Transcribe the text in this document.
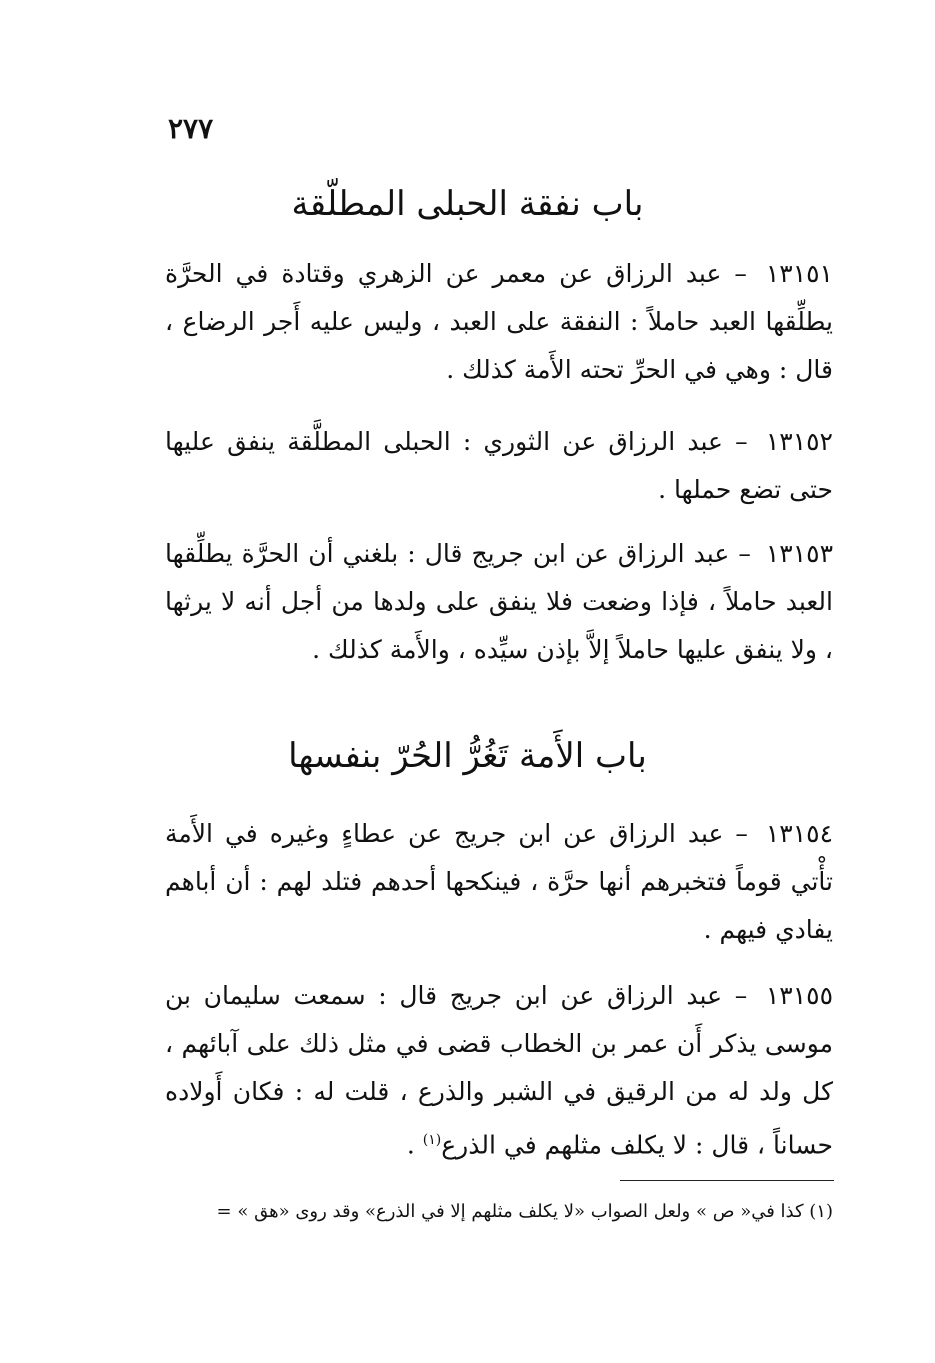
٢٧٧
باب نفقة الحبلى المطلّقة

١٣١٥١ – عبد الرزاق عن معمر عن الزهري وقتادة في الحرَّة يطلِّقها العبد حاملاً : النفقة على العبد ، وليس عليه أَجر الرضاع ، قال : وهي في الحرِّ تحته الأَمة كذلك .

١٣١٥٢ – عبد الرزاق عن الثوري : الحبلى المطلَّقة ينفق عليها حتى تضع حملها .

١٣١٥٣ – عبد الرزاق عن ابن جريج قال : بلغني أن الحرَّة يطلِّقها العبد حاملاً ، فإذا وضعت فلا ينفق على ولدها من أجل أنه لا يرثها ، ولا ينفق عليها حاملاً إلاَّ بإذن سيِّده ، والأَمة كذلك .

باب الأَمة تَغُرُّ الحُرّ بنفسها

١٣١٥٤ – عبد الرزاق عن ابن جريج عن عطاءٍ وغيره في الأَمة تأْتي قوماً فتخبرهم أنها حرَّة ، فينكحها أحدهم فتلد لهم : أن أباهم يفادي فيهم .

١٣١٥٥ – عبد الرزاق عن ابن جريج قال : سمعت سليمان بن موسى يذكر أَن عمر بن الخطاب قضى في مثل ذلك على آبائهم ، كل ولد له من الرقيق في الشبر والذرع ، قلت له : فكان أَولاده حساناً ، قال : لا يكلف مثلهم في الذرع$^{(١)}$ .

(١) كذا في« ص » ولعل الصواب «لا يكلف مثلهم إلا في الذرع» وقد روى «هق » =
